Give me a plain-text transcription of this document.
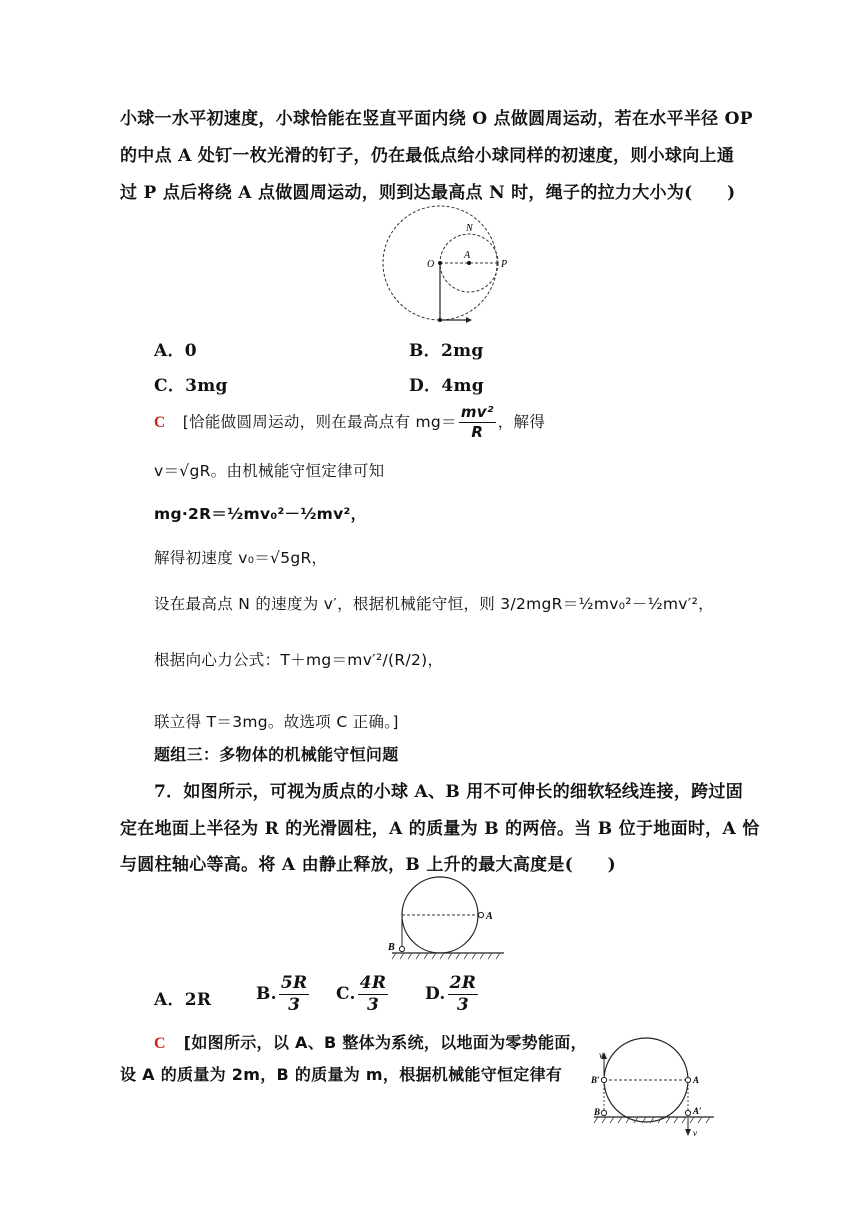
小球一水平初速度，小球恰能在竖直平面内绕 O 点做圆周运动，若在水平半径 OP
的中点 A 处钉一枚光滑的钉子，仍在最低点给小球同样的初速度，则小球向上通
过 P 点后将绕 A 点做圆周运动，则到达最高点 N 时，绳子的拉力大小为(　　)
O
A
P
N
A．0	B．2mg
C．3mg	D．4mg
C [恰能做圆周运动，则在最高点有 $mg= \frac{\text{mv²}}{R}$ ，解得
v＝√gR。由机械能守恒定律可知
mg·2R＝½mv₀²－½mv²，
解得初速度 v₀＝√5gR，
设在最高点 N 的速度为 v′，根据机械能守恒，则 3/2mgR＝½mv₀²－½mv′²，
根据向心力公式：T＋mg＝mv′²/(R/2)，
联立得 T＝3mg。故选项 C 正确。]
题组三：多物体的机械能守恒问题
7．如图所示，可视为质点的小球 A、B 用不可伸长的细软轻线连接，跨过固
定在地面上半径为 R 的光滑圆柱，A 的质量为 B 的两倍。当 B 位于地面时，A 恰
与圆柱轴心等高。将 A 由静止释放，B 上升的最大高度是(　　)
A
B
A．2R	B. $\frac{5R}{3} C$. $\frac{4R}{3} D$. $\frac{2R}{3}$
C [如图所示，以 A、B 整体为系统，以地面为零势能面，
设 A 的质量为 2m，B 的质量为 m，根据机械能守恒定律有
v
B′
B
A
A′
v
